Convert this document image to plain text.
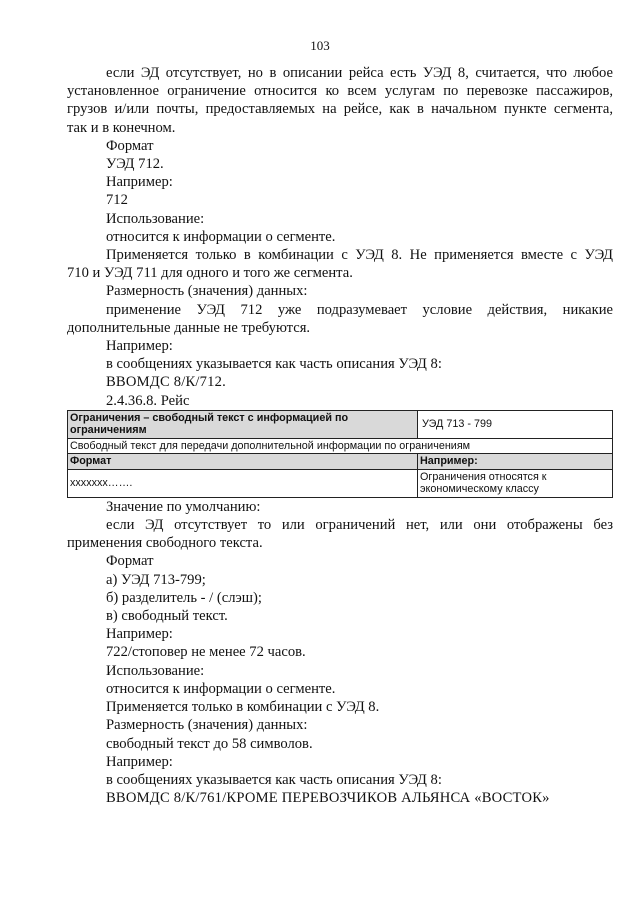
103

если ЭД отсутствует, но в описании рейса есть УЭД 8, считается, что любое

установленное ограничение относится ко всем услугам по перевозке пассажиров,

грузов и/или почты, предоставляемых на рейсе, как в начальном пункте сегмента,

так и в конечном.

Формат

УЭД 712.

Например:

712

Использование:

относится к информации о сегменте.

Применяется только в комбинации с УЭД 8. Не применяется вместе с УЭД

710 и УЭД 711 для одного и того же сегмента.

Размерность (значения) данных:

применение УЭД 712 уже подразумевает условие действия, никакие

дополнительные данные не требуются.

Например:

в сообщениях указывается как часть описания УЭД 8:

ВВОМДС 8/К/712.

2.4.36.8. Рейс

Ограничения – свободный текст с информацией по
ограничениям	УЭД 713 - 799
Свободный текст для передачи дополнительной информации по ограничениям	
Формат	Например:
ххххххх…….	Ограничения относятся к экономическому классу

Значение по умолчанию:

если ЭД отсутствует то или ограничений нет, или они отображены без

применения свободного текста.

Формат

а) УЭД 713-799;

б) разделитель - / (слэш);

в) свободный текст.

Например:

722/стоповер не менее 72 часов.

Использование:

относится к информации о сегменте.

Применяется только в комбинации с УЭД 8.

Размерность (значения) данных:

свободный текст до 58 символов.

Например:

в сообщениях указывается как часть описания УЭД 8:

ВВОМДС 8/К/761/КРОМЕ ПЕРЕВОЗЧИКОВ АЛЬЯНСА «ВОСТОК»
